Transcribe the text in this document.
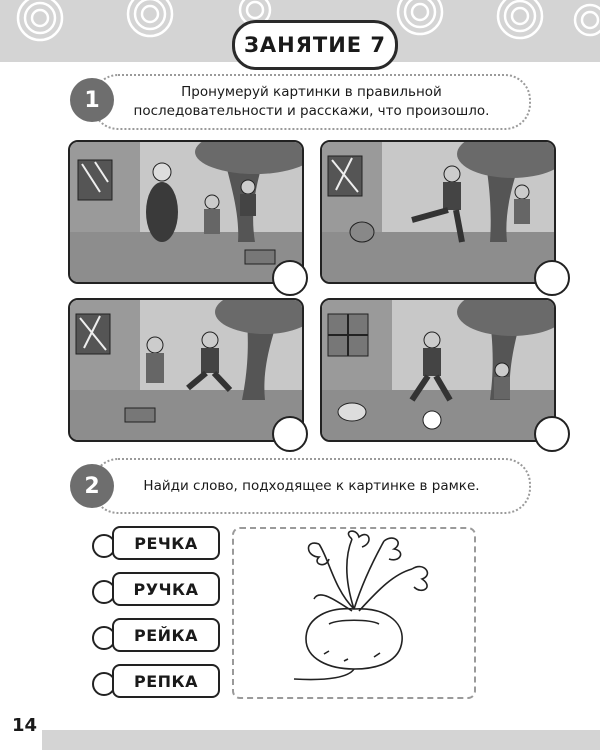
ЗАНЯТИЕ 7
Пронумеруй картинки в правильной
последовательности и расскажи, что произошло.
1
Найди слово, подходящее к картинке в рамке.
2
РЕЧКА
РУЧКА
РЕЙКА
РЕПКА
14
